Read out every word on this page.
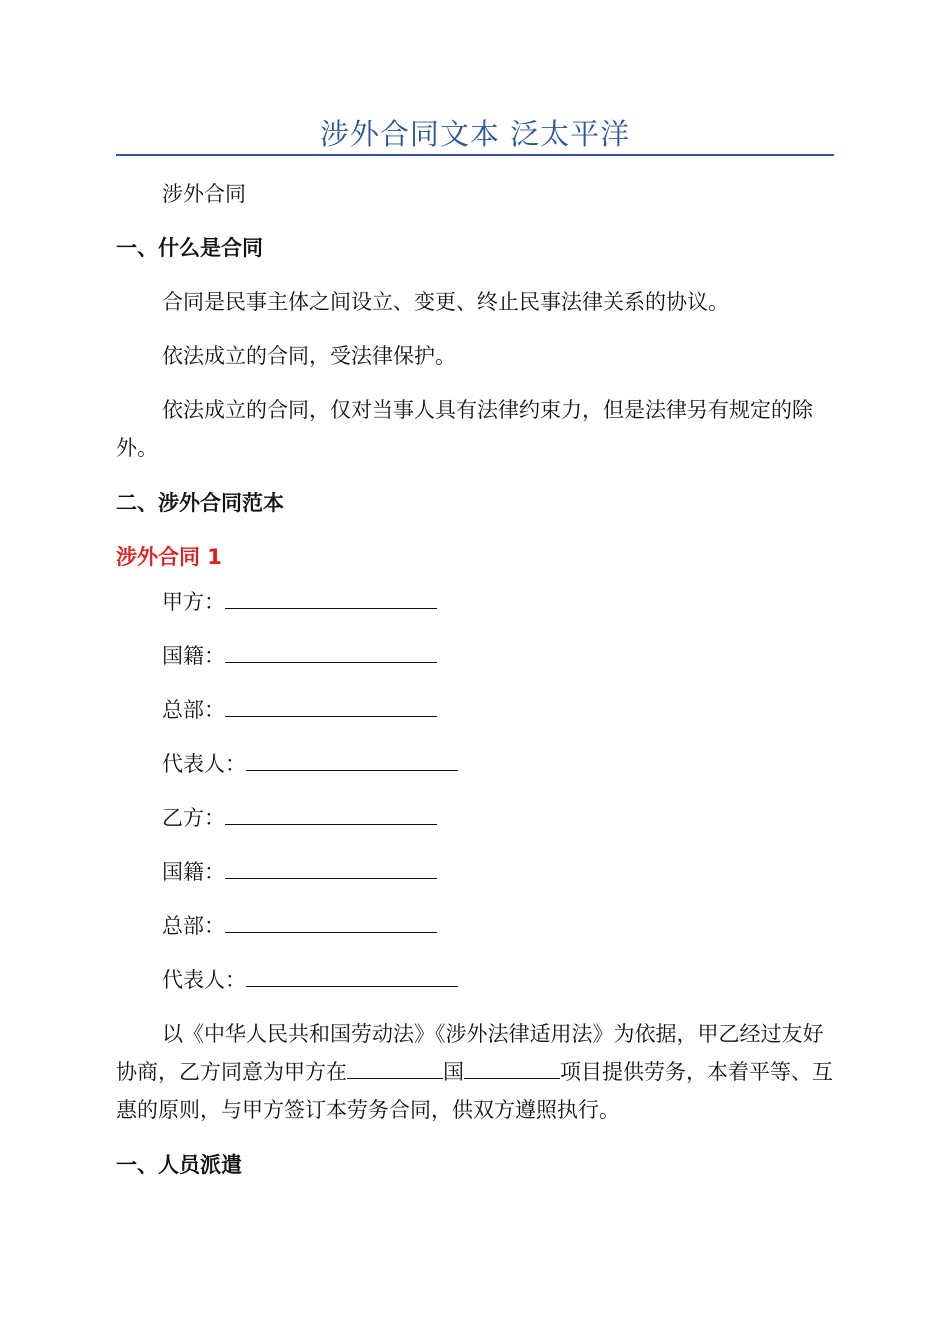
涉外合同文本 泛太平洋
涉外合同
一、什么是合同
合同是民事主体之间设立、变更、终止民事法律关系的协议。
依法成立的合同，受法律保护。
依法成立的合同，仅对当事人具有法律约束力，但是法律另有规定的除外。
二、涉外合同范本
涉外合同 1
甲方：
国籍：
总部：
代表人：
乙方：
国籍：
总部：
代表人：
以《中华人民共和国劳动法》《涉外法律适用法》为依据，甲乙经过友好协商，乙方同意为甲方在	国	项目提供劳务，本着平等、互惠的原则，与甲方签订本劳务合同，供双方遵照执行。
一、人员派遣
